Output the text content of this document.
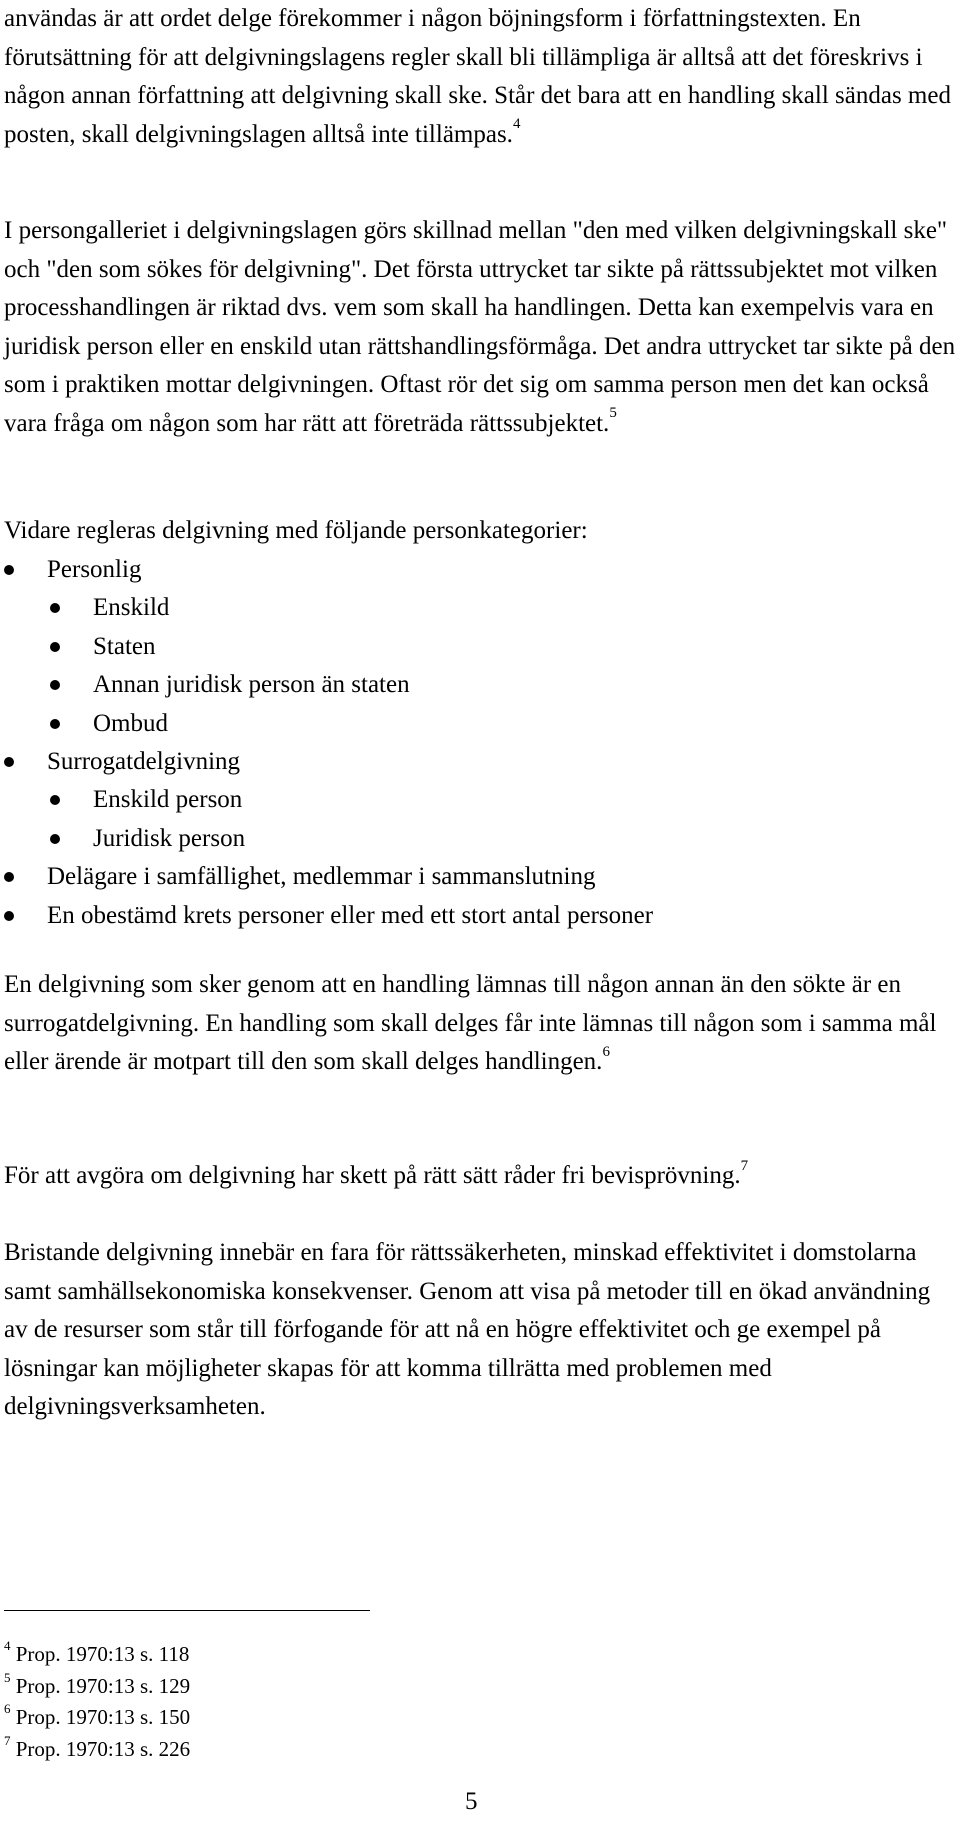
användas är att ordet delge förekommer i någon böjningsform i författningstexten. En förutsättning för att delgivningslagens regler skall bli tillämpliga är alltså att det föreskrivs i någon annan författning att delgivning skall ske. Står det bara att en handling skall sändas med posten, skall delgivningslagen alltså inte tillämpas.$^4$

I persongalleriet i delgivningslagen görs skillnad mellan "den med vilken delgivningskall ske" och "den som sökes för delgivning". Det första uttrycket tar sikte på rättssubjektet mot vilken processhandlingen är riktad dvs. vem som skall ha handlingen. Detta kan exempelvis vara en juridisk person eller en enskild utan rättshandlingsförmåga. Det andra uttrycket tar sikte på den som i praktiken mottar delgivningen. Oftast rör det sig om samma person men det kan också vara fråga om någon som har rätt att företräda rättssubjektet.$^5$

Vidare regleras delgivning med följande personkategorier:

Personlig
Enskild
Staten
Annan juridisk person än staten
Ombud
Surrogatdelgivning
Enskild person
Juridisk person
Delägare i samfällighet, medlemmar i sammanslutning
En obestämd krets personer eller med ett stort antal personer

En delgivning som sker genom att en handling lämnas till någon annan än den sökte är en surrogatdelgivning. En handling som skall delges får inte lämnas till någon som i samma mål eller ärende är motpart till den som skall delges handlingen.$^6$

För att avgöra om delgivning har skett på rätt sätt råder fri bevisprövning.$^7$

Bristande delgivning innebär en fara för rättssäkerheten, minskad effektivitet i domstolarna samt samhällsekonomiska konsekvenser. Genom att visa på metoder till en ökad användning av de resurser som står till förfogande för att nå en högre effektivitet och ge exempel på lösningar kan möjligheter skapas för att komma tillrätta med problemen med delgivningsverksamheten.

$^4$ Prop. 1970:13 s. 118
$^5$ Prop. 1970:13 s. 129
$^6$ Prop. 1970:13 s. 150
$^7$ Prop. 1970:13 s. 226
5
